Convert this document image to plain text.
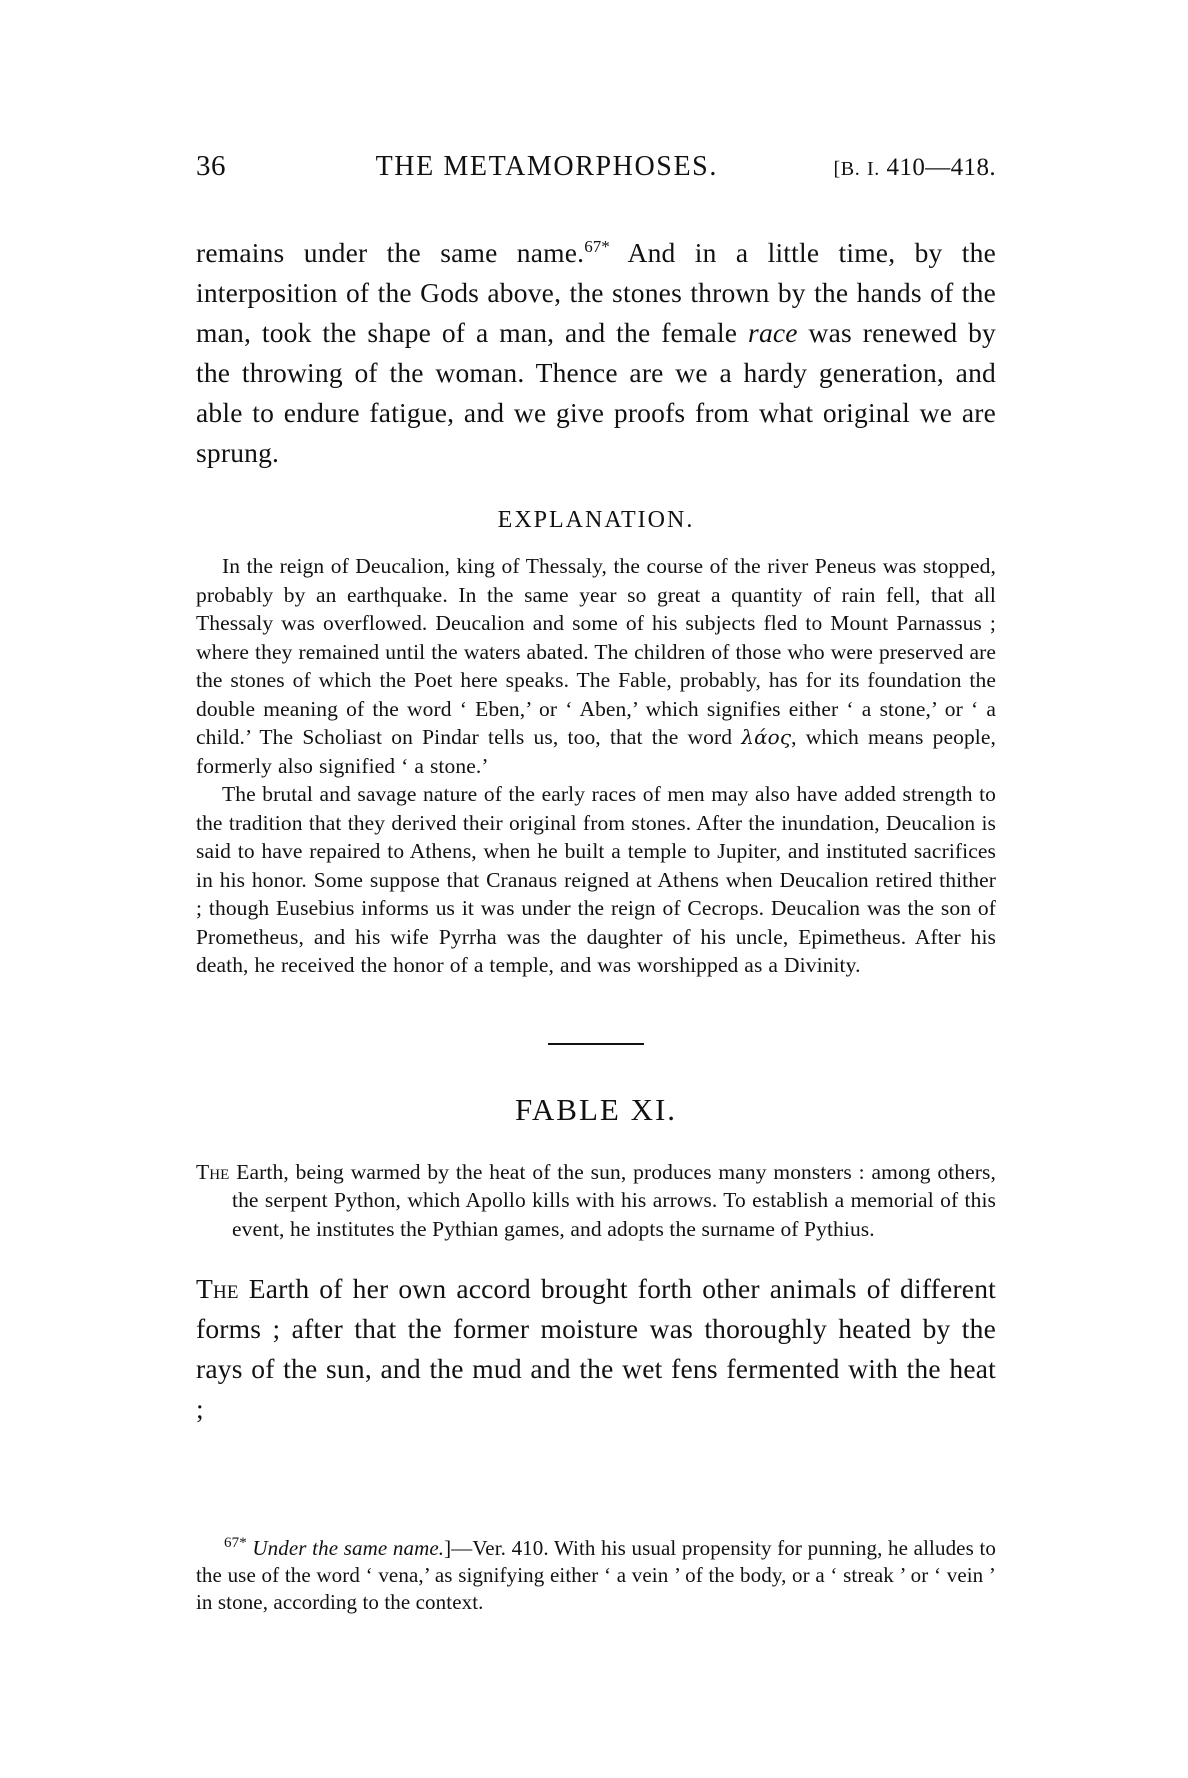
36	THE METAMORPHOSES.	[B. I. 410—418.
remains under the same name.$^{67*}$ And in a little time, by the interposition of the Gods above, the stones thrown by the hands of the man, took the shape of a man, and the female race was renewed by the throwing of the woman. Thence are we a hardy generation, and able to endure fatigue, and we give proofs from what original we are sprung.
EXPLANATION.

In the reign of Deucalion, king of Thessaly, the course of the river Peneus was stopped, probably by an earthquake. In the same year so great a quantity of rain fell, that all Thessaly was overflowed. Deucalion and some of his subjects fled to Mount Parnassus ; where they remained until the waters abated. The children of those who were preserved are the stones of which the Poet here speaks. The Fable, probably, has for its foundation the double meaning of the word ‘ Eben,’ or ‘ Aben,’ which signifies either ‘ a stone,’ or ‘ a child.’ The Scholiast on Pindar tells us, too, that the word λάος, which means people, formerly also signified ‘ a stone.’

The brutal and savage nature of the early races of men may also have added strength to the tradition that they derived their original from stones. After the inundation, Deucalion is said to have repaired to Athens, when he built a temple to Jupiter, and instituted sacrifices in his honor. Some suppose that Cranaus reigned at Athens when Deucalion retired thither ; though Eusebius informs us it was under the reign of Cecrops. Deucalion was the son of Prometheus, and his wife Pyrrha was the daughter of his uncle, Epimetheus. After his death, he received the honor of a temple, and was worshipped as a Divinity.

FABLE XI.

The Earth, being warmed by the heat of the sun, produces many monsters : among others, the serpent Python, which Apollo kills with his arrows. To establish a memorial of this event, he institutes the Pythian games, and adopts the surname of Pythius.

The Earth of her own accord brought forth other animals of different forms ; after that the former moisture was thoroughly heated by the rays of the sun, and the mud and the wet fens fermented with the heat ;

$^{67*}$ Under the same name.]—Ver. 410. With his usual propensity for punning, he alludes to the use of the word ‘ vena,’ as signifying either ‘ a vein ’ of the body, or a ‘ streak ’ or ‘ vein ’ in stone, according to the context.
